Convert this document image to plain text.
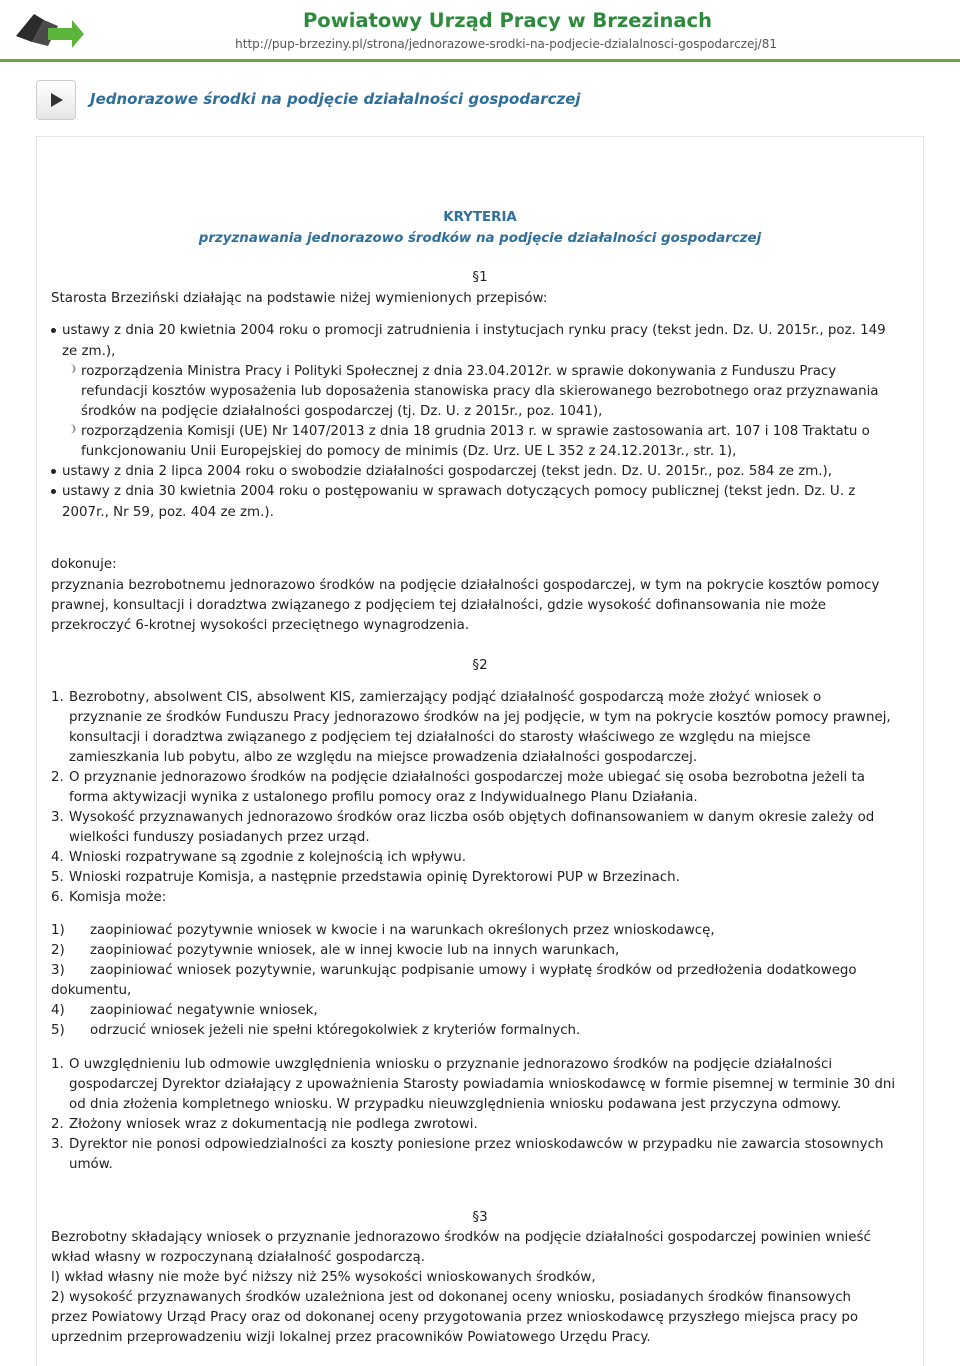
Powiatowy Urząd Pracy w Brzezinach
http://pup-brzeziny.pl/strona/jednorazowe-srodki-na-podjecie-dzialalnosci-gospodarczej/81
Jednorazowe środki na podjęcie działalności gospodarczej
KRYTERIA
przyznawania jednorazowo środków na podjęcie działalności gospodarczej
§1
Starosta Brzeziński działając na podstawie niżej wymienionych przepisów:
ustawy z dnia 20 kwietnia 2004 roku o promocji zatrudnienia i instytucjach rynku pracy (tekst jedn. Dz. U. 2015r., poz. 149
ze zm.),
❩ rozporządzenia Ministra Pracy i Polityki Społecznej z dnia 23.04.2012r. w sprawie dokonywania z Funduszu Pracy
refundacji kosztów wyposażenia lub doposażenia stanowiska pracy dla skierowanego bezrobotnego oraz przyznawania
środków na podjęcie działalności gospodarczej (tj. Dz. U. z 2015r., poz. 1041),
❩ rozporządzenia Komisji (UE) Nr 1407/2013 z dnia 18 grudnia 2013 r. w sprawie zastosowania art. 107 i 108 Traktatu o
funkcjonowaniu Unii Europejskiej do pomocy de minimis (Dz. Urz. UE L 352 z 24.12.2013r., str. 1),
ustawy z dnia 2 lipca 2004 roku o swobodzie działalności gospodarczej (tekst jedn. Dz. U. 2015r., poz. 584 ze zm.),
ustawy z dnia 30 kwietnia 2004 roku o postępowaniu w sprawach dotyczących pomocy publicznej (tekst jedn. Dz. U. z
2007r., Nr 59, poz. 404 ze zm.).
dokonuje:
przyznania bezrobotnemu jednorazowo środków na podjęcie działalności gospodarczej, w tym na pokrycie kosztów pomocy
prawnej, konsultacji i doradztwa związanego z podjęciem tej działalności, gdzie wysokość dofinansowania nie może
przekroczyć 6-krotnej wysokości przeciętnego wynagrodzenia.
§2
1. Bezrobotny, absolwent CIS, absolwent KIS, zamierzający podjąć działalność gospodarczą może złożyć wniosek o
przyznanie ze środków Funduszu Pracy jednorazowo środków na jej podjęcie, w tym na pokrycie kosztów pomocy prawnej,
konsultacji i doradztwa związanego z podjęciem tej działalności do starosty właściwego ze względu na miejsce
zamieszkania lub pobytu, albo ze względu na miejsce prowadzenia działalności gospodarczej.
2. O przyznanie jednorazowo środków na podjęcie działalności gospodarczej może ubiegać się osoba bezrobotna jeżeli ta
forma aktywizacji wynika z ustalonego profilu pomocy oraz z Indywidualnego Planu Działania.
3. Wysokość przyznawanych jednorazowo środków oraz liczba osób objętych dofinansowaniem w danym okresie zależy od
wielkości funduszy posiadanych przez urząd.
4. Wnioski rozpatrywane są zgodnie z kolejnością ich wpływu.
5. Wnioski rozpatruje Komisja, a następnie przedstawia opinię Dyrektorowi PUP w Brzezinach.
6. Komisja może:
1) zaopiniować pozytywnie wniosek w kwocie i na warunkach określonych przez wnioskodawcę,
2) zaopiniować pozytywnie wniosek, ale w innej kwocie lub na innych warunkach,
3) zaopiniować wniosek pozytywnie, warunkując podpisanie umowy i wypłatę środków od przedłożenia dodatkowego
dokumentu,
4) zaopiniować negatywnie wniosek,
5) odrzucić wniosek jeżeli nie spełni któregokolwiek z kryteriów formalnych.
1. O uwzględnieniu lub odmowie uwzględnienia wniosku o przyznanie jednorazowo środków na podjęcie działalności
gospodarczej Dyrektor działający z upoważnienia Starosty powiadamia wnioskodawcę w formie pisemnej w terminie 30 dni
od dnia złożenia kompletnego wniosku. W przypadku nieuwzględnienia wniosku podawana jest przyczyna odmowy.
2. Złożony wniosek wraz z dokumentacją nie podlega zwrotowi.
3. Dyrektor nie ponosi odpowiedzialności za koszty poniesione przez wnioskodawców w przypadku nie zawarcia stosownych
umów.
§3
Bezrobotny składający wniosek o przyznanie jednorazowo środków na podjęcie działalności gospodarczej powinien wnieść
wkład własny w rozpoczynaną działalność gospodarczą.
l) wkład własny nie może być niższy niż 25% wysokości wnioskowanych środków,
2) wysokość przyznawanych środków uzależniona jest od dokonanej oceny wniosku, posiadanych środków finansowych
przez Powiatowy Urząd Pracy oraz od dokonanej oceny przygotowania przez wnioskodawcę przyszłego miejsca pracy po
uprzednim przeprowadzeniu wizji lokalnej przez pracowników Powiatowego Urzędu Pracy.
